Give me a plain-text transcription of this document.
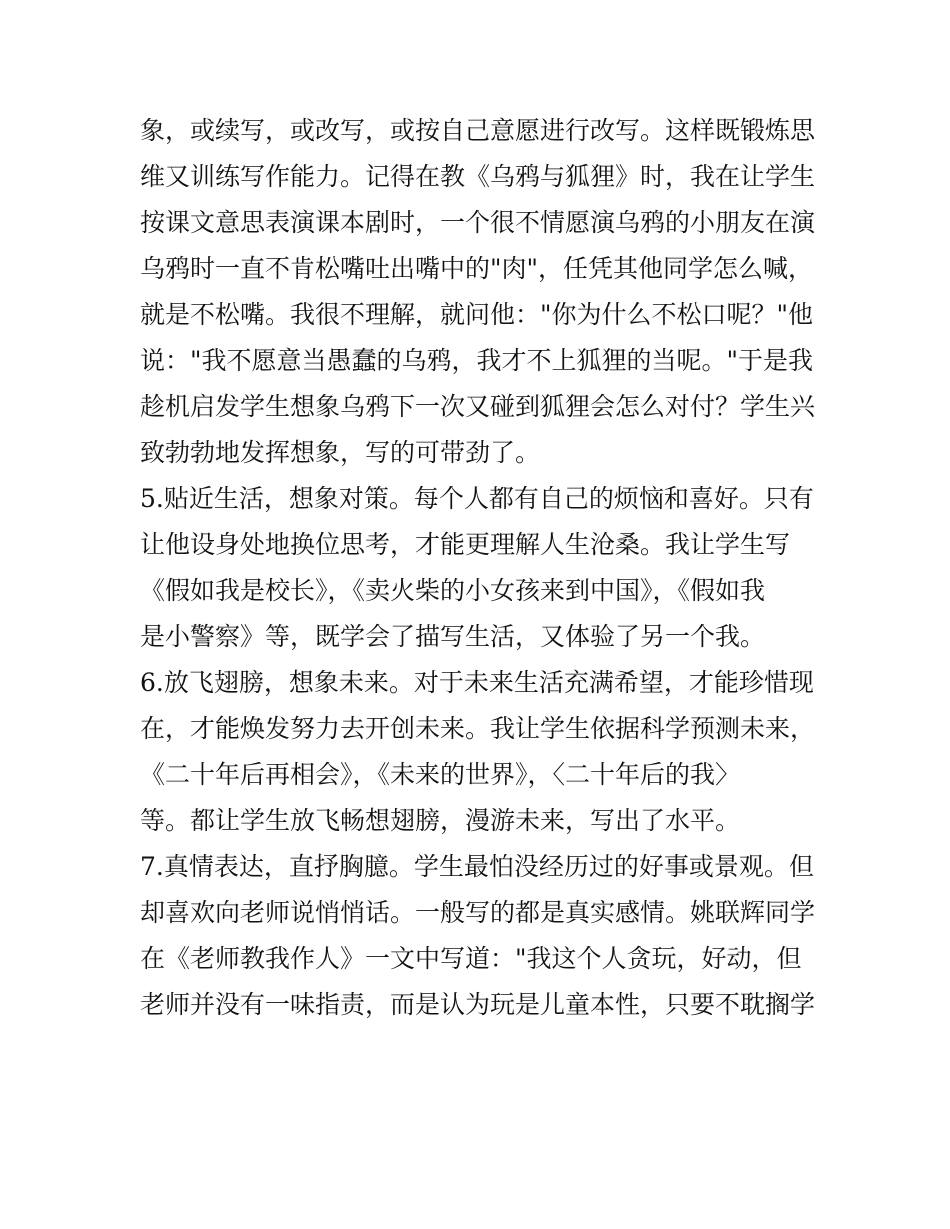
象，或续写，或改写，或按自己意愿进行改写。这样既锻炼思
维又训练写作能力。记得在教《乌鸦与狐狸》时，我在让学生
按课文意思表演课本剧时，一个很不情愿演乌鸦的小朋友在演
乌鸦时一直不肯松嘴吐出嘴中的"肉"，任凭其他同学怎么喊，
就是不松嘴。我很不理解，就问他："你为什么不松口呢？"他
说："我不愿意当愚蠢的乌鸦，我才不上狐狸的当呢。"于是我
趁机启发学生想象乌鸦下一次又碰到狐狸会怎么对付？学生兴
致勃勃地发挥想象，写的可带劲了。
5.贴近生活，想象对策。每个人都有自己的烦恼和喜好。只有
让他设身处地换位思考，才能更理解人生沧桑。我让学生写
《假如我是校长》，《卖火柴的小女孩来到中国》，《假如我
是小警察》等，既学会了描写生活，又体验了另一个我。
6.放飞翅膀，想象未来。对于未来生活充满希望，才能珍惜现
在，才能焕发努力去开创未来。我让学生依据科学预测未来，
《二十年后再相会》，《未来的世界》，〈二十年后的我〉
等。都让学生放飞畅想翅膀，漫游未来，写出了水平。
7.真情表达，直抒胸臆。学生最怕没经历过的好事或景观。但
却喜欢向老师说悄悄话。一般写的都是真实感情。姚联辉同学
在《老师教我作人》一文中写道："我这个人贪玩，好动，但
老师并没有一味指责，而是认为玩是儿童本性，只要不耽搁学
